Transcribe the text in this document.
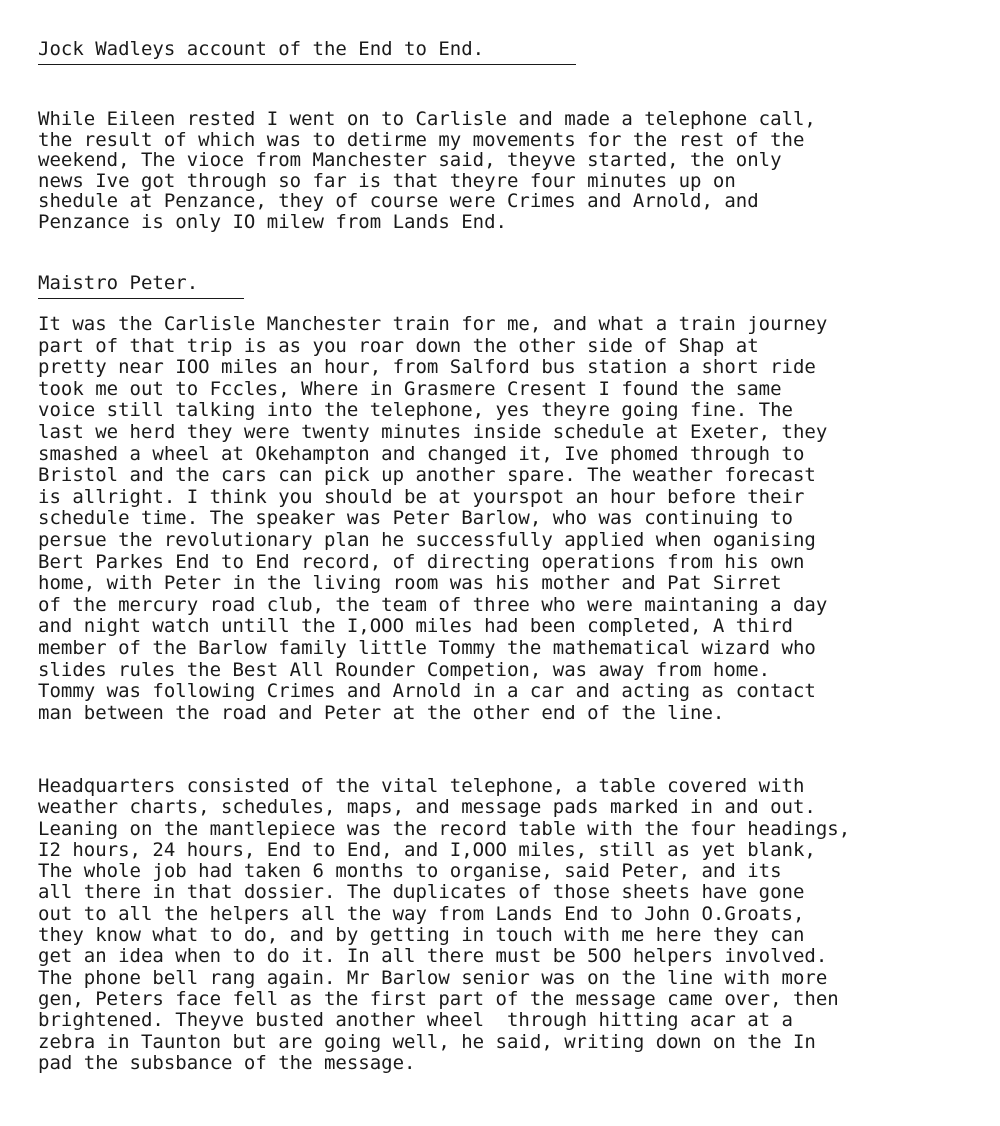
Jock Wadleys account of the End to End.
While Eileen rested I went on to Carlisle and made a telephone call,
the result of which was to detirme my movements for the rest of the
weekend, The vioce from Manchester said, theyve started, the only
news Ive got through so far is that theyre four minutes up on
shedule at Penzance, they of course were Crimes and Arnold, and
Penzance is only IO milew from Lands End.
Maistro Peter.
It was the Carlisle Manchester train for me, and what a train journey
part of that trip is as you roar down the other side of Shap at
pretty near IOO miles an hour, from Salford bus station a short ride
took me out to Fccles, Where in Grasmere Cresent I found the same
voice still talking into the telephone, yes theyre going fine. The
last we herd they were twenty minutes inside schedule at Exeter, they
smashed a wheel at Okehampton and changed it, Ive phomed through to
Bristol and the cars can pick up another spare. The weather forecast
is allright. I think you should be at yourspot an hour before their
schedule time. The speaker was Peter Barlow, who was continuing to
persue the revolutionary plan he successfully applied when oganising
Bert Parkes End to End record, of directing operations from his own
home, with Peter in the living room was his mother and Pat Sirret
of the mercury road club, the team of three who were maintaning a day
and night watch untill the I,OOO miles had been completed, A third
member of the Barlow family little Tommy the mathematical wizard who
slides rules the Best All Rounder Compe​tion, was away from home.
Tommy was following Crimes and Arnold in a car and acting as contact
man between the road and Peter at the other end of the line.
Headquarters consisted of the vital telephone, a table covered with
weather charts, schedules, maps, and message pads marked in and out.
Leaning on the mantlepiece was the record table with the four headings,
I2 hours, 24 hours, End to End, and I,OOO miles, still as yet blank,
The whole job had taken 6 months to organise, said Peter, and its
all there in that dossier. The duplicates of those sheets have gone
out to all the helpers all the way from Lands End to John O.Groats,
they know what to do, and by getting in touch with me here they can
get an idea when to do it. In all there must be 5OO helpers involved.
The phone bell rang again. Mr Barlow senior was on the line with more
gen, Peters face fell as the first part of the message came over, then
brightened. Theyve busted another wheel  through hitting acar at a
zebra in Taunton but are going well, he said, writing down on the In
pad the subsbance of the message.
